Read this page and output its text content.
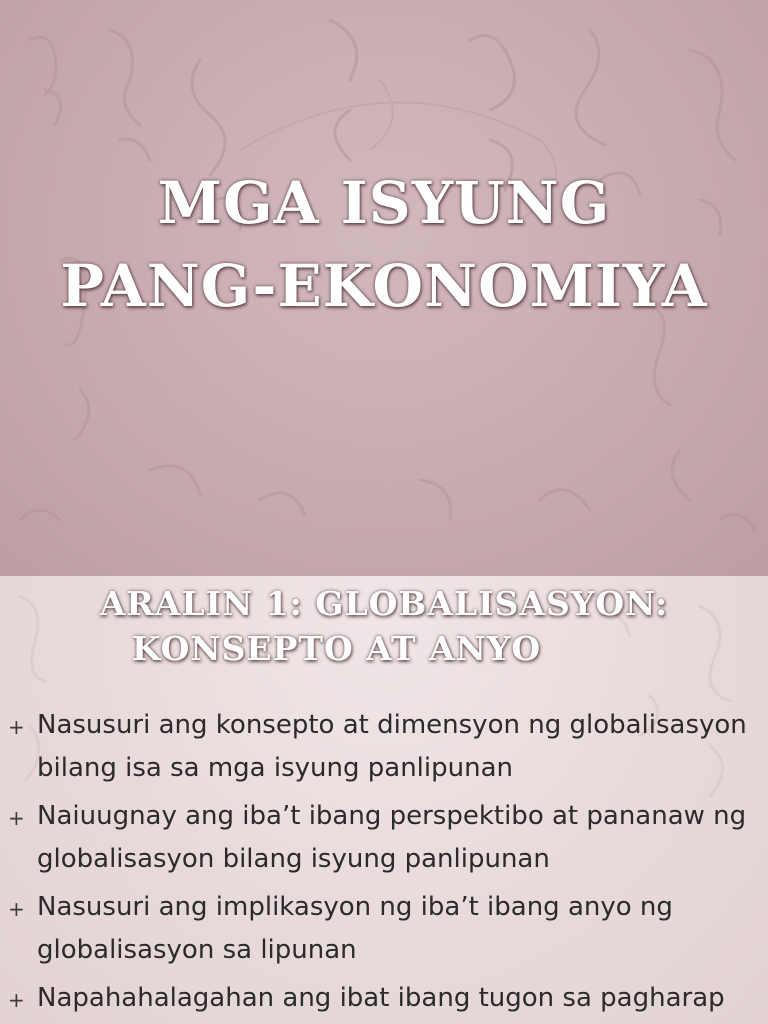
MGA ISYUNG
PANG-EKONOMIYA
ARALIN 1: GLOBALISASYON:
KONSEPTO AT ANYO
+ Nasusuri ang konsepto at dimensyon ng globalisasyon bilang isa sa mga isyung panlipunan
+ Naiuugnay ang iba’t ibang perspektibo at pananaw ng globalisasyon bilang isyung panlipunan
+ Nasusuri ang implikasyon ng iba’t ibang anyo ng globalisasyon sa lipunan
+ Napahahalagahan ang ibat ibang tugon sa pagharap
